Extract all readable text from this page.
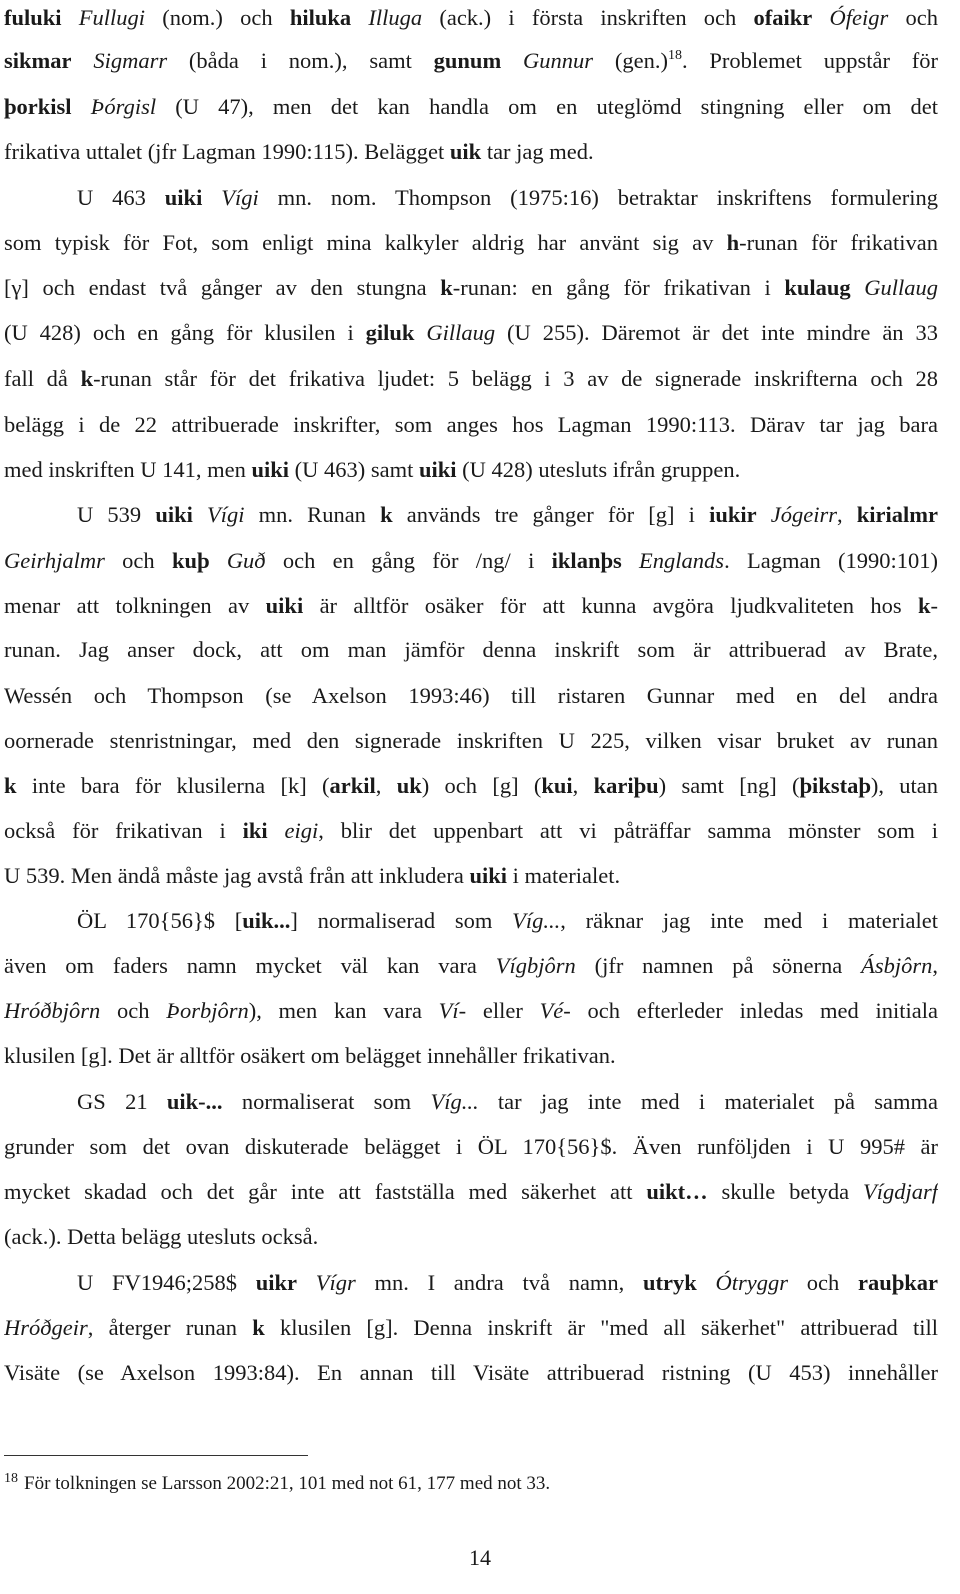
fuluki Fullugi (nom.) och hiluka Illuga (ack.) i första inskriften och ofaikr Ófeigr och
sikmar Sigmarr (båda i nom.), samt gunum Gunnur $(gen.)^{18}$. Problemet uppstår för
þorkisl Þórgisl (U 47), men det kan handla om en uteglömd stingning eller om det
frikativa uttalet (jfr Lagman 1990:115). Belägget uik tar jag med.
U 463 uiki Vígi mn. nom. Thompson (1975:16) betraktar inskriftens formulering
som typisk för Fot, som enligt mina kalkyler aldrig har använt sig av h-runan för frikativan
[γ] och endast två gånger av den stungna k-runan: en gång för frikativan i kulaug Gullaug
(U 428) och en gång för klusilen i giluk Gillaug (U 255). Däremot är det inte mindre än 33
fall då k-runan står för det frikativa ljudet: 5 belägg i 3 av de signerade inskrifterna och 28
belägg i de 22 attribuerade inskrifter, som anges hos Lagman 1990:113. Därav tar jag bara
med inskriften U 141, men uiki (U 463) samt uiki (U 428) utesluts ifrån gruppen.
U 539 uiki Vígi mn. Runan k används tre gånger för [g] i iukir Jógeirr, kirialmr
Geirhjalmr och kuþ Guð och en gång för /ng/ i iklanþs Englands. Lagman (1990:101)
menar att tolkningen av uiki är alltför osäker för att kunna avgöra ljudkvaliteten hos k-
runan. Jag anser dock, att om man jämför denna inskrift som är attribuerad av Brate,
Wessén och Thompson (se Axelson 1993:46) till ristaren Gunnar med en del andra
oornerade stenristningar, med den signerade inskriften U 225, vilken visar bruket av runan
k inte bara för klusilerna [k] (arkil, uk) och [g] (kui, kariþu) samt [ng] (þikstaþ), utan
också för frikativan i iki eigi, blir det uppenbart att vi påträffar samma mönster som i
U 539. Men ändå måste jag avstå från att inkludera uiki i materialet.
ÖL 170{56}$ [uik...] normaliserad som Víg..., räknar jag inte med i materialet
även om faders namn mycket väl kan vara Vígbjôrn (jfr namnen på sönerna Ásbjôrn,
Hróðbjôrn och Þorbjôrn), men kan vara Ví- eller Vé- och efterleder inledas med initiala
klusilen [g]. Det är alltför osäkert om belägget innehåller frikativan.
GS 21 uik-... normaliserat som Víg... tar jag inte med i materialet på samma
grunder som det ovan diskuterade belägget i ÖL 170{56}$. Även runföljden i U 995# är
mycket skadad och det går inte att fastställa med säkerhet att uikt… skulle betyda Vígdjarf
(ack.). Detta belägg utesluts också.
U FV1946;258$ uikr Vígr mn. I andra två namn, utryk Ótryggr och rauþkar
Hróðgeir, återger runan k klusilen [g]. Denna inskrift är "med all säkerhet" attribuerad till
Visäte (se Axelson 1993:84). En annan till Visäte attribuerad ristning (U 453) innehåller
$^{18}$ För tolkningen se Larsson 2002:21, 101 med not 61, 177 med not 33.
14
